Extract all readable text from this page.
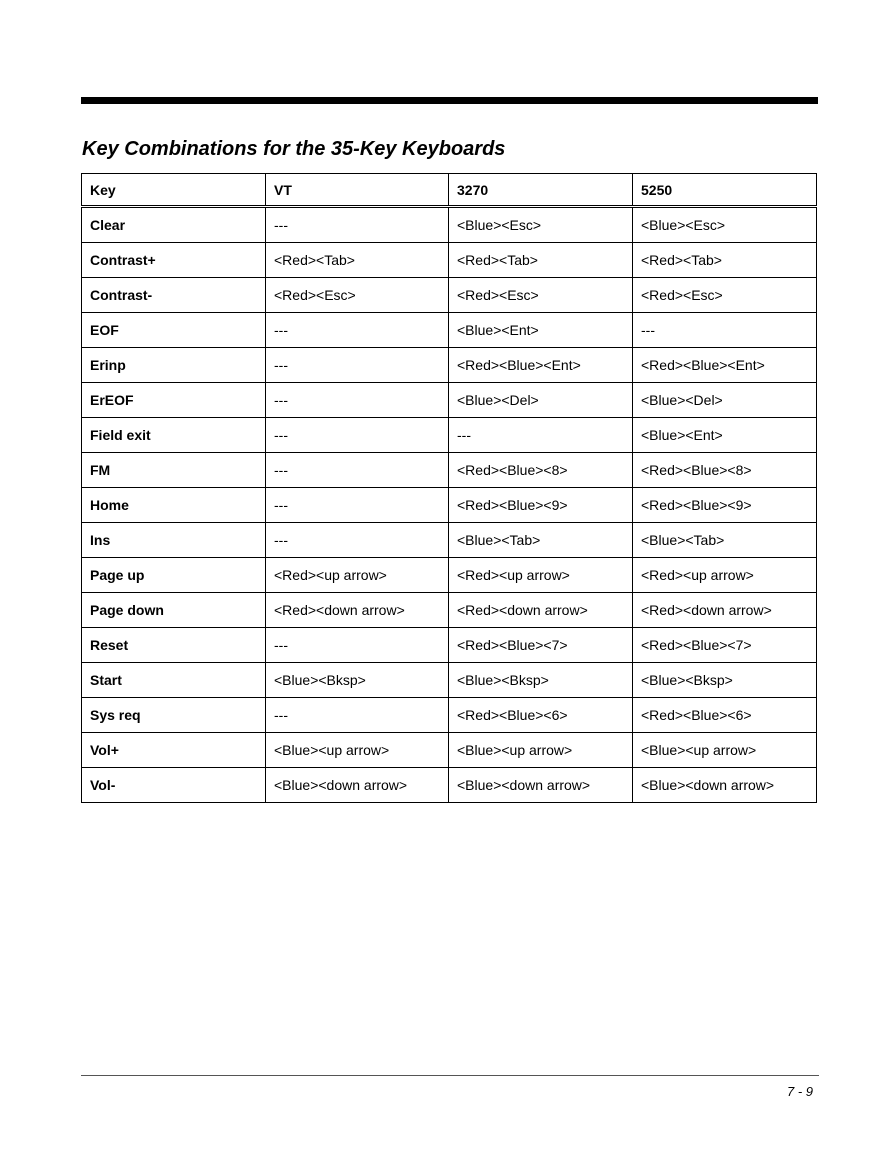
Key Combinations for the 35-Key Keyboards
Key	VT	3270	5250
Clear	---	<Blue><Esc>	<Blue><Esc>
Contrast+	<Red><Tab>	<Red><Tab>	<Red><Tab>
Contrast-	<Red><Esc>	<Red><Esc>	<Red><Esc>
EOF	---	<Blue><Ent>	---
Erinp	---	<Red><Blue><Ent>	<Red><Blue><Ent>
ErEOF	---	<Blue><Del>	<Blue><Del>
Field exit	---	---	<Blue><Ent>
FM	---	<Red><Blue><8>	<Red><Blue><8>
Home	---	<Red><Blue><9>	<Red><Blue><9>
Ins	---	<Blue><Tab>	<Blue><Tab>
Page up	<Red><up arrow>	<Red><up arrow>	<Red><up arrow>
Page down	<Red><down arrow>	<Red><down arrow>	<Red><down arrow>
Reset	---	<Red><Blue><7>	<Red><Blue><7>
Start	<Blue><Bksp>	<Blue><Bksp>	<Blue><Bksp>
Sys req	---	<Red><Blue><6>	<Red><Blue><6>
Vol+	<Blue><up arrow>	<Blue><up arrow>	<Blue><up arrow>
Vol-	<Blue><down arrow>	<Blue><down arrow>	<Blue><down arrow>
7 - 9
